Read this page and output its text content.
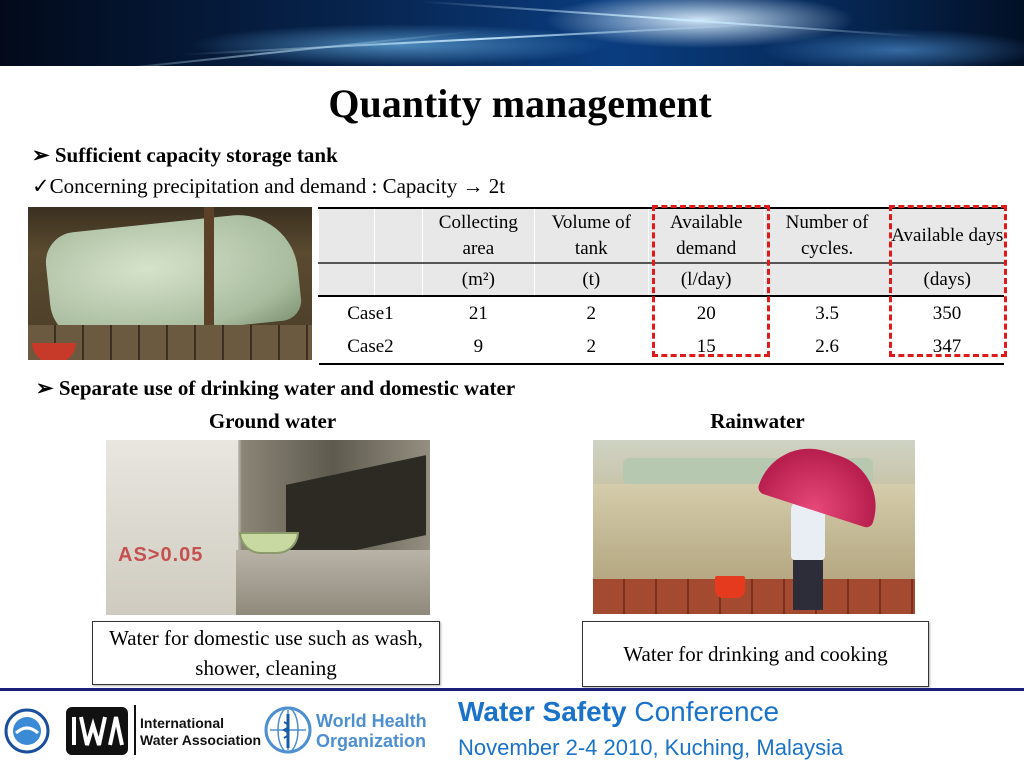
Quantity management
➢ Sufficient capacity storage tank
✓Concerning precipitation and demand : Capacity → 2t
		Collecting area	Volume of tank	Available demand	Number of cycles.	Available days
		(m²)	(t)	(l/day)		(days)
Case1		21	2	20	3.5	350
Case2		9	2	15	2.6	347
➢ Separate use of drinking water and domestic water
Ground water	Rainwater
AS>0.05
Water for domestic use such as wash, shower, cleaning
Water for drinking and cooking
International
Water Association
World Health
Organization
Water Safety Conference
November 2-4 2010, Kuching, Malaysia
